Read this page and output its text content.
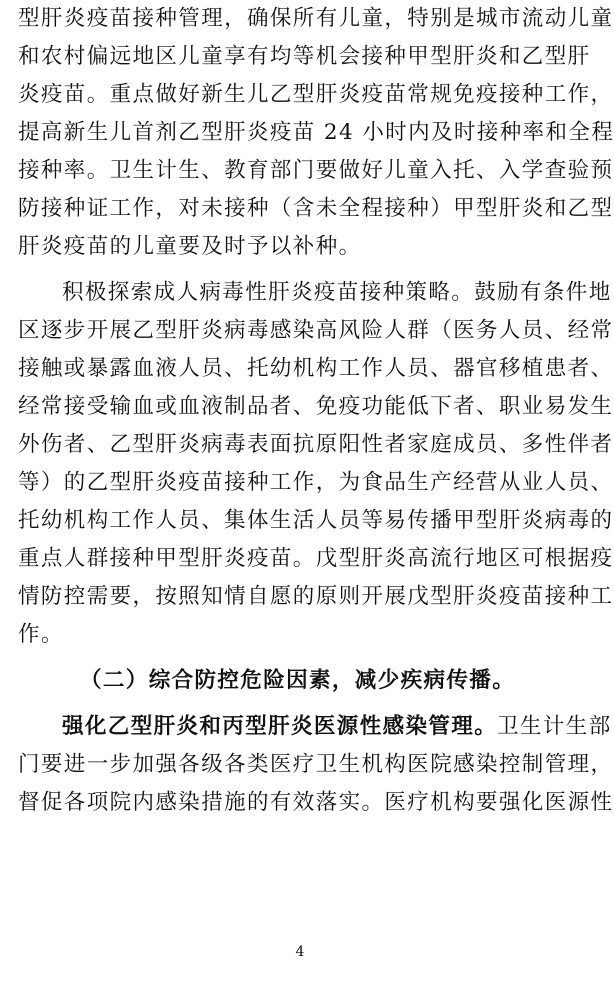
型肝炎疫苗接种管理，确保所有儿童，特别是城市流动儿童
和农村偏远地区儿童享有均等机会接种甲型肝炎和乙型肝
炎疫苗。重点做好新生儿乙型肝炎疫苗常规免疫接种工作，
提高新生儿首剂乙型肝炎疫苗 24 小时内及时接种率和全程
接种率。卫生计生、教育部门要做好儿童入托、入学查验预
防接种证工作，对未接种（含未全程接种）甲型肝炎和乙型
肝炎疫苗的儿童要及时予以补种。
积极探索成人病毒性肝炎疫苗接种策略。鼓励有条件地
区逐步开展乙型肝炎病毒感染高风险人群（医务人员、经常
接触或暴露血液人员、托幼机构工作人员、器官移植患者、
经常接受输血或血液制品者、免疫功能低下者、职业易发生
外伤者、乙型肝炎病毒表面抗原阳性者家庭成员、多性伴者
等）的乙型肝炎疫苗接种工作，为食品生产经营从业人员、
托幼机构工作人员、集体生活人员等易传播甲型肝炎病毒的
重点人群接种甲型肝炎疫苗。戊型肝炎高流行地区可根据疫
情防控需要，按照知情自愿的原则开展戊型肝炎疫苗接种工
作。
（二）综合防控危险因素，减少疾病传播。
强化乙型肝炎和丙型肝炎医源性感染管理。卫生计生部
门要进一步加强各级各类医疗卫生机构医院感染控制管理，
督促各项院内感染措施的有效落实。医疗机构要强化医源性
4
